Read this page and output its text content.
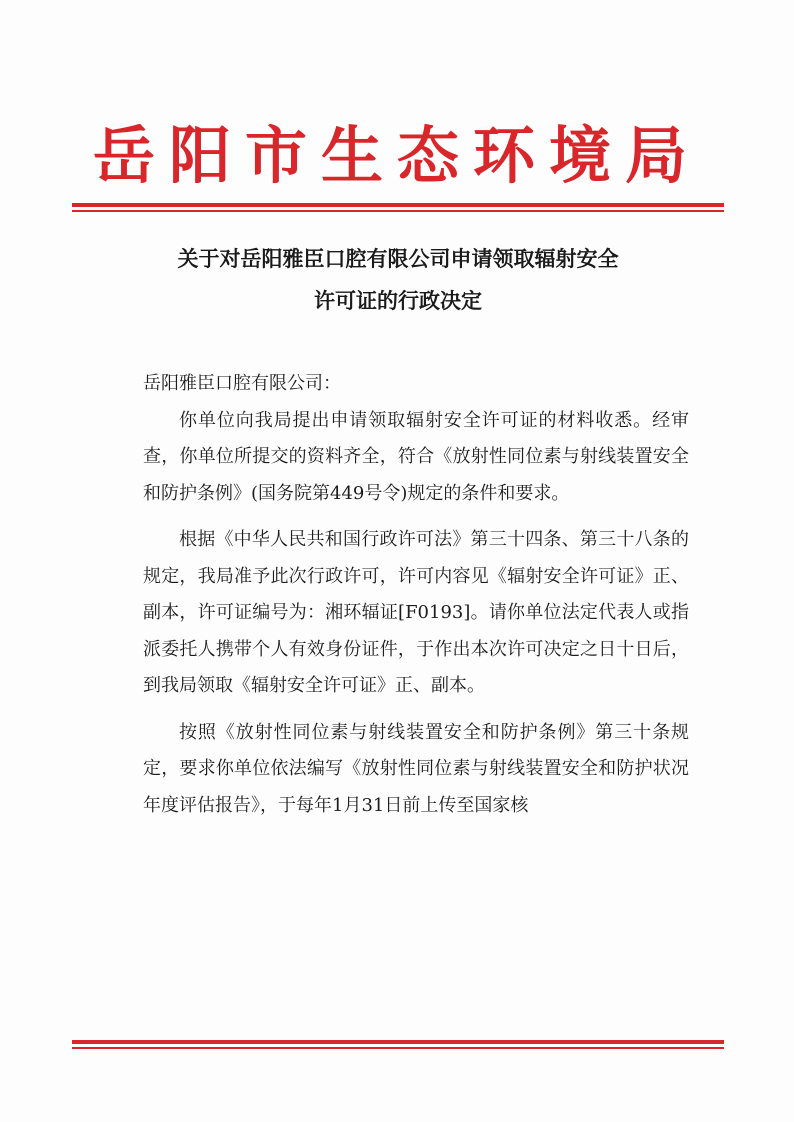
岳阳市生态环境局
关于对岳阳雅臣口腔有限公司申请领取辐射安全
许可证的行政决定

岳阳雅臣口腔有限公司：

你单位向我局提出申请领取辐射安全许可证的材料收悉。经审查，你单位所提交的资料齐全，符合《放射性同位素与射线装置安全和防护条例》(国务院第449号令)规定的条件和要求。

根据《中华人民共和国行政许可法》第三十四条、第三十八条的规定，我局准予此次行政许可，许可内容见《辐射安全许可证》正、副本，许可证编号为：湘环辐证[F0193]。请你单位法定代表人或指派委托人携带个人有效身份证件，于作出本次许可决定之日十日后，到我局领取《辐射安全许可证》正、副本。

按照《放射性同位素与射线装置安全和防护条例》第三十条规定，要求你单位依法编写《放射性同位素与射线装置安全和防护状况年度评估报告》，于每年1月31日前上传至国家核
